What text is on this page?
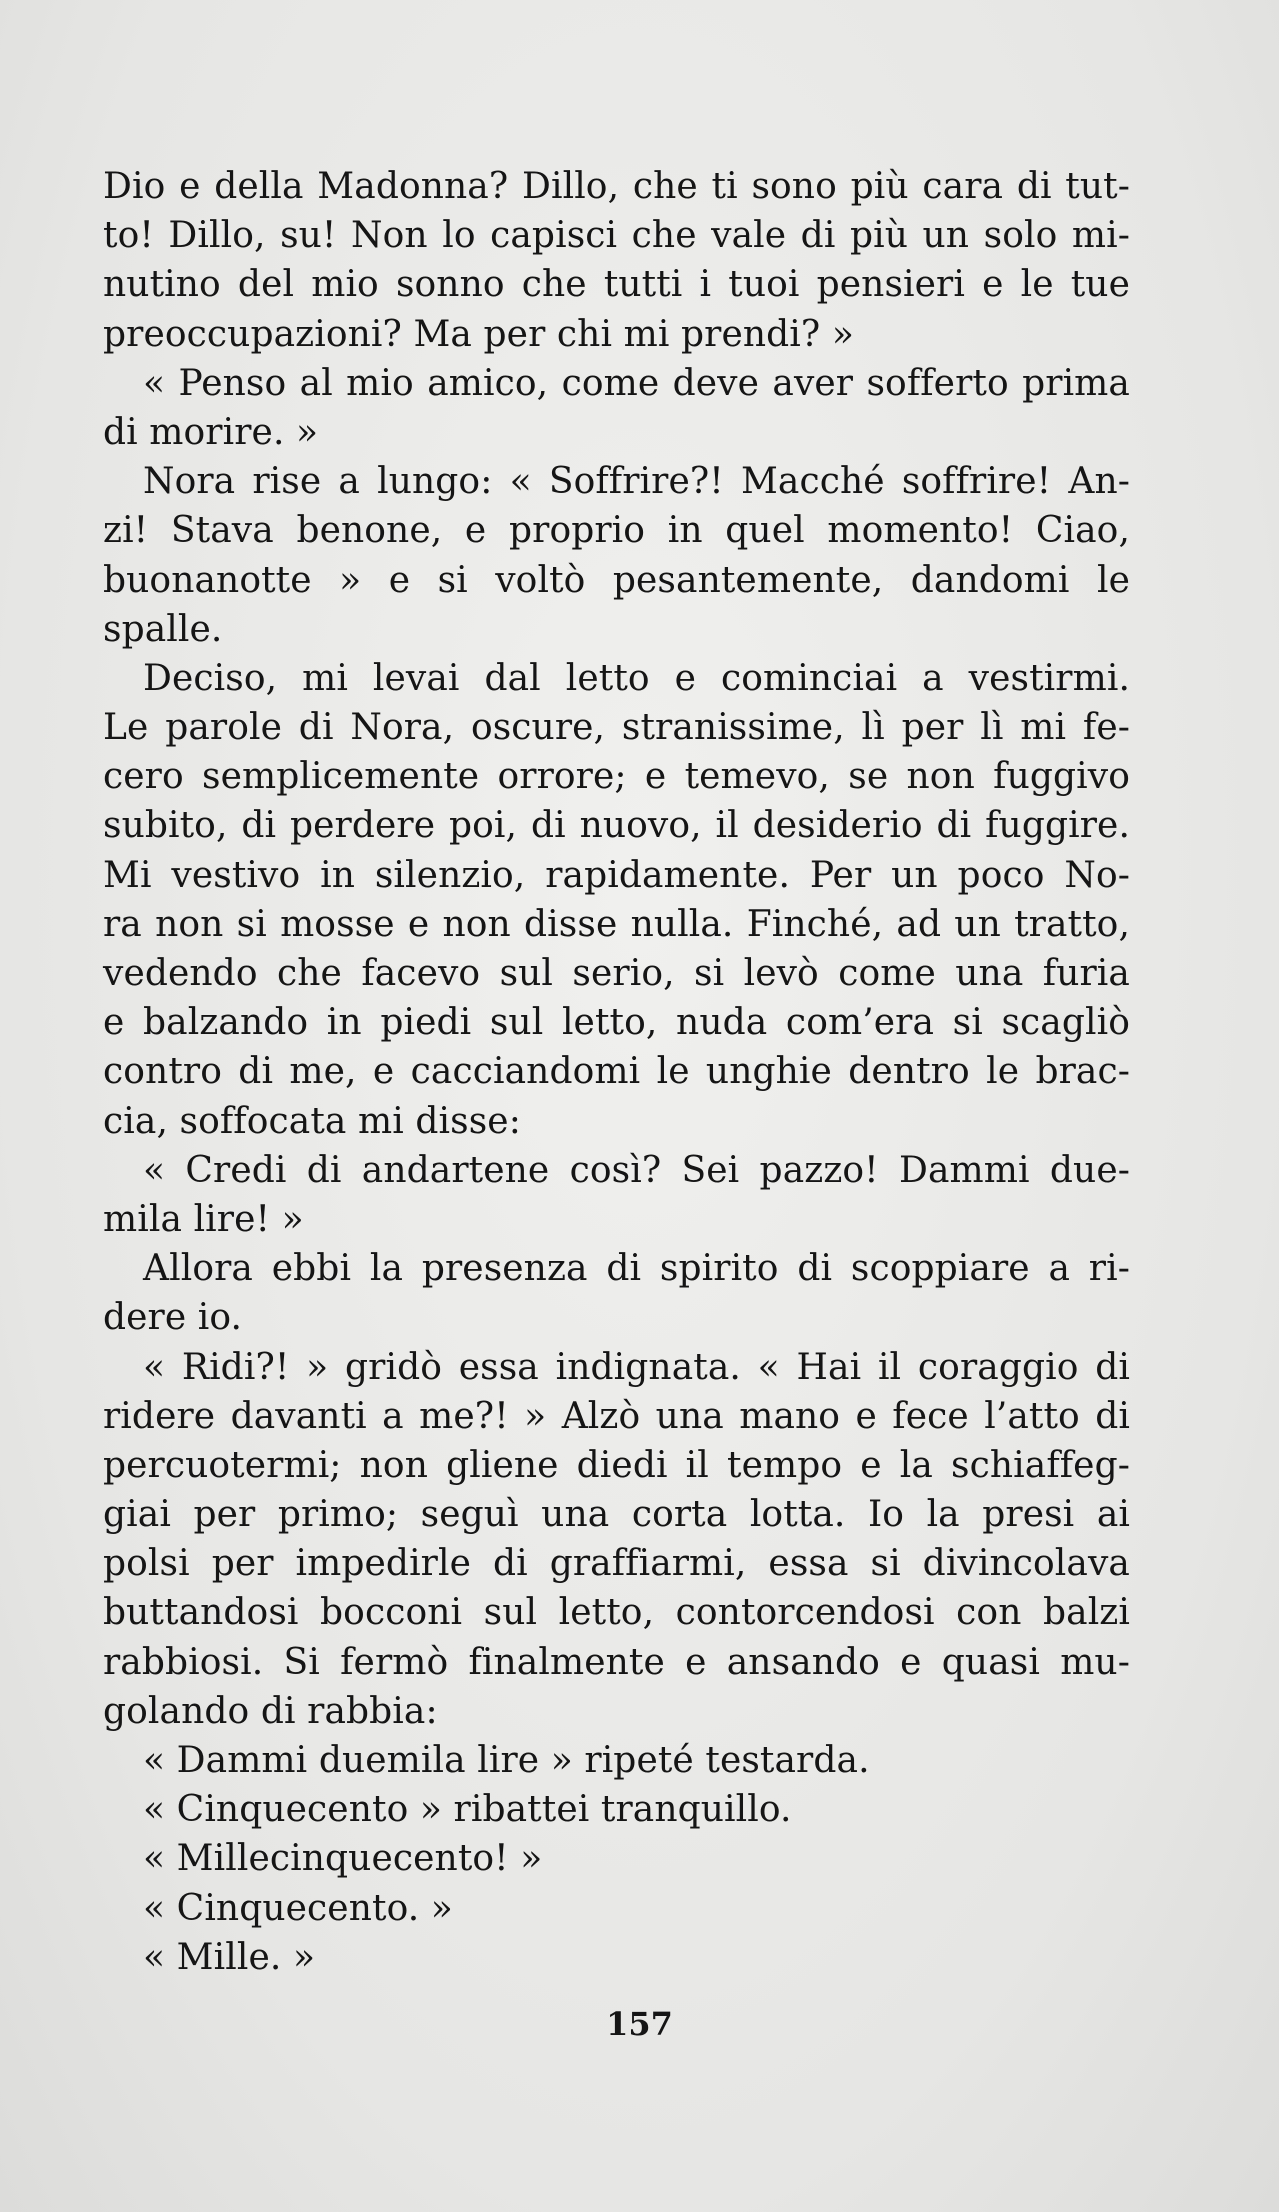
Dio e della Madonna? Dillo, che ti sono più cara di tut-
to! Dillo, su! Non lo capisci che vale di più un solo mi-
nutino del mio sonno che tutti i tuoi pensieri e le tue
preoccupazioni? Ma per chi mi prendi? »
« Penso al mio amico, come deve aver sofferto prima
di morire. »
Nora rise a lungo: « Soffrire?! Macché soffrire! An-
zi! Stava benone, e proprio in quel momento! Ciao,
buonanotte » e si voltò pesantemente, dandomi le
spalle.
Deciso, mi levai dal letto e cominciai a vestirmi.
Le parole di Nora, oscure, stranissime, lì per lì mi fe-
cero semplicemente orrore; e temevo, se non fuggivo
subito, di perdere poi, di nuovo, il desiderio di fuggire.
Mi vestivo in silenzio, rapidamente. Per un poco No-
ra non si mosse e non disse nulla. Finché, ad un tratto,
vedendo che facevo sul serio, si levò come una furia
e balzando in piedi sul letto, nuda com’era si scagliò
contro di me, e cacciandomi le unghie dentro le brac-
cia, soffocata mi disse:
« Credi di andartene così? Sei pazzo! Dammi due-
mila lire! »
Allora ebbi la presenza di spirito di scoppiare a ri-
dere io.
« Ridi?! » gridò essa indignata. « Hai il coraggio di
ridere davanti a me?! » Alzò una mano e fece l’atto di
percuotermi; non gliene diedi il tempo e la schiaffeg-
giai per primo; seguì una corta lotta. Io la presi ai
polsi per impedirle di graffiarmi, essa si divincolava
buttandosi bocconi sul letto, contorcendosi con balzi
rabbiosi. Si fermò finalmente e ansando e quasi mu-
golando di rabbia:
« Dammi duemila lire » ripeté testarda.
« Cinquecento » ribattei tranquillo.
« Millecinquecento! »
« Cinquecento. »
« Mille. »
157
